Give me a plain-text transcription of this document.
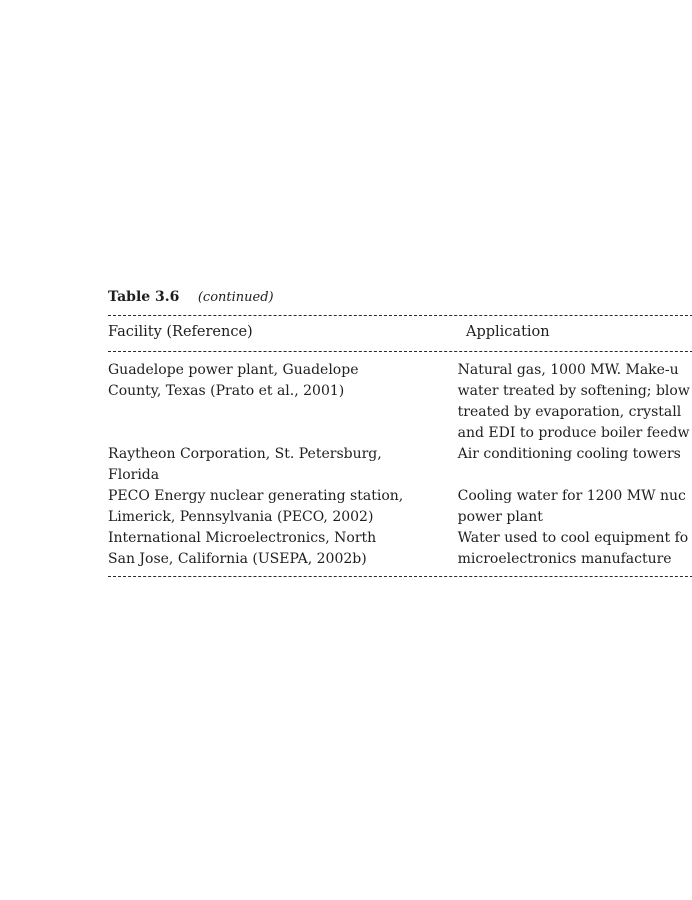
Table 3.6 (continued)
Facility (Reference)	Application
Guadelope power plant, Guadelope
County, Texas (Prato et al., 2001)
Natural gas, 1000 MW. Make-u
water treated by softening; blow
treated by evaporation, crystall
and EDI to produce boiler feedw
Raytheon Corporation, St. Petersburg,
Florida
Air conditioning cooling towers
PECO Energy nuclear generating station,
Limerick, Pennsylvania (PECO, 2002)
Cooling water for 1200 MW nuc
power plant
International Microelectronics, North
San Jose, California (USEPA, 2002b)
Water used to cool equipment fo
microelectronics manufacture
